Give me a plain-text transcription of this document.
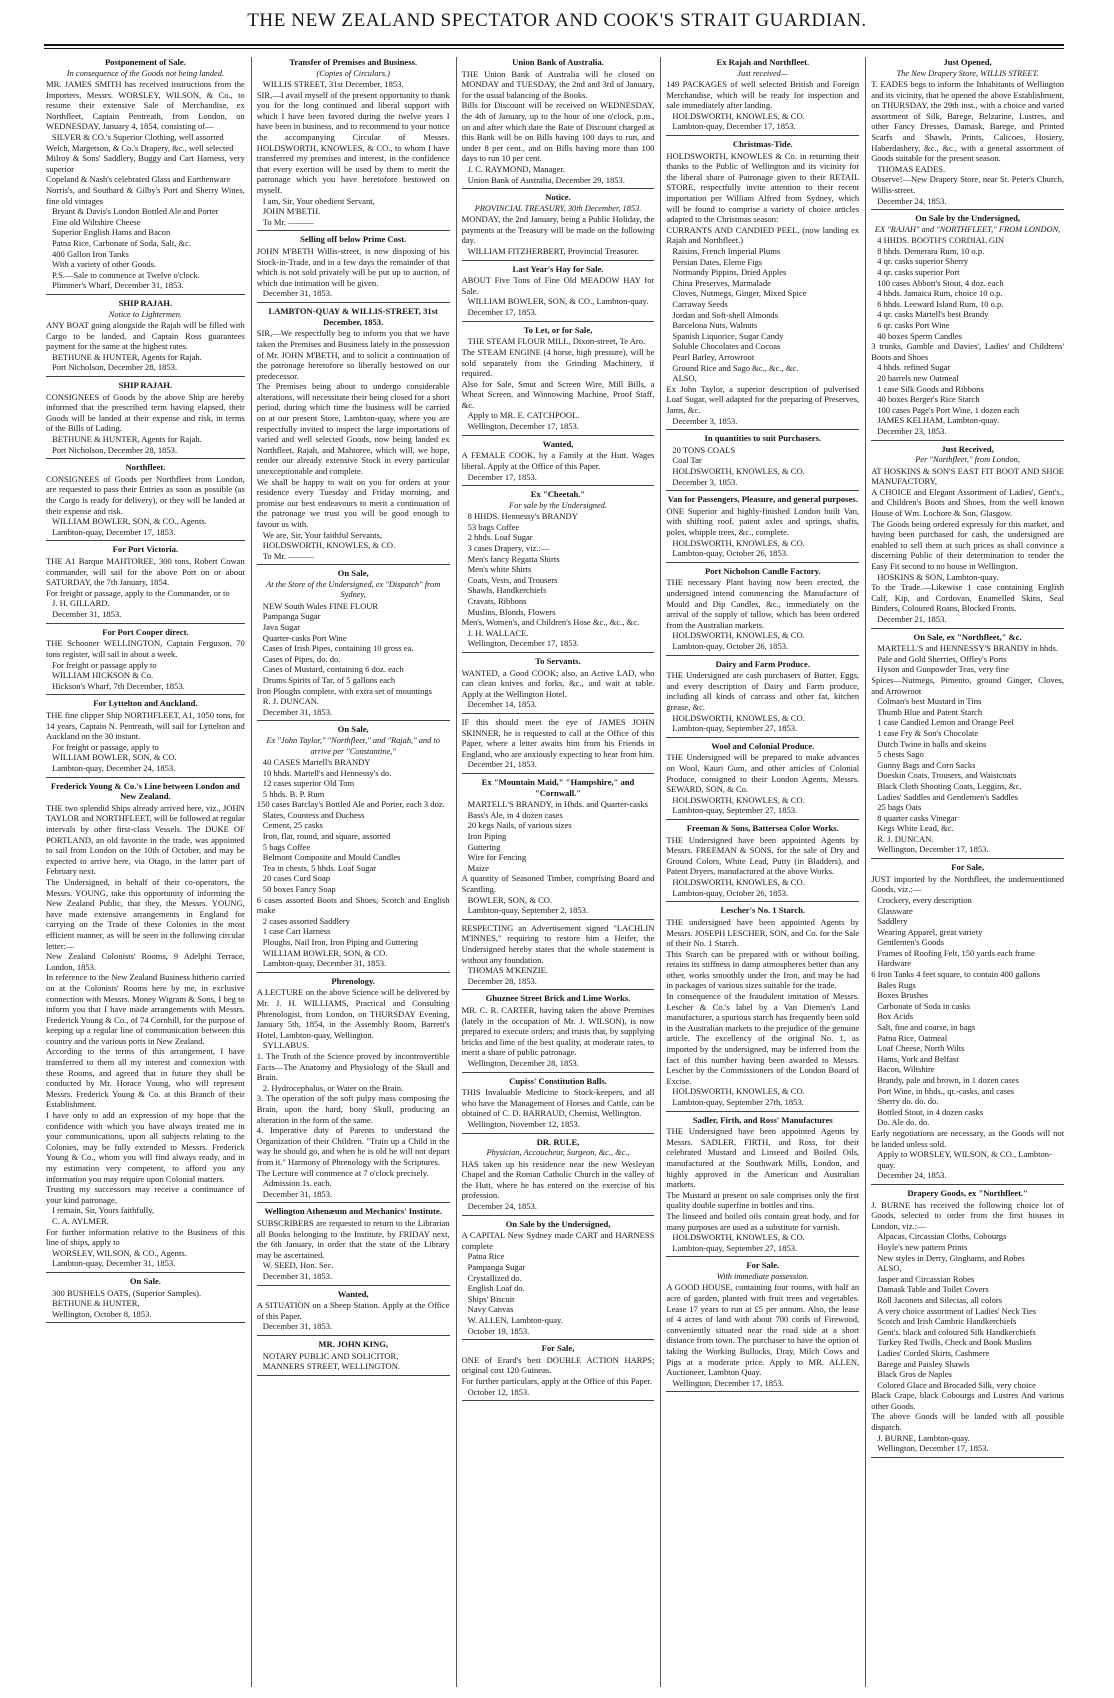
THE NEW ZEALAND SPECTATOR AND COOK'S STRAIT GUARDIAN.
Postponement of Sale.
In consequence of the Goods not being landed.

MR. JAMES SMITH has received instructions from the Importers, Messrs. WORSLEY, WILSON, & Co., to resume their extensive Sale of Merchandise, ex Northfleet, Captain Pentreath, from London, on WEDNESDAY, January 4, 1854, consisting of—

SILVER & CO.'s Superior Clothing, well assorted

Welch, Margetson, & Co.'s Drapery, &c., well selected

Milroy & Sons' Saddlery, Buggy and Cart Harness, very superior

Copeland & Nash's celebrated Glass and Earthenware

Norris's, and Southard & Gilby's Port and Sherry Wines, fine old vintages

Bryant & Davis's London Bottled Ale and Porter

Fine old Wiltshire Cheese

Superior English Hams and Bacon

Patna Rice, Carbonate of Soda, Salt, &c.

400 Gallon Iron Tanks

With a variety of other Goods.

P.S.—Sale to commence at Twelve o'clock.

Plimmer's Wharf, December 31, 1853.

SHIP RAJAH.
Notice to Lightermen.

ANY BOAT going alongside the Rajah will be filled with Cargo to be landed, and Captain Ross guarantees payment for the same at the highest rates.

BETHUNE & HUNTER, Agents for Rajah.

Port Nicholson, December 28, 1853.

SHIP RAJAH.

CONSIGNEES of Goods by the above Ship are hereby informed that the prescribed term having elapsed, their Goods will be landed at their expense and risk, in terms of the Bills of Lading.

BETHUNE & HUNTER, Agents for Rajah.

Port Nicholson, December 28, 1853.

Northfleet.

CONSIGNEES of Goods per Northfleet from London, are requested to pass their Entries as soon as possible (as the Cargo is ready for delivery), or they will be landed at their expense and risk.

WILLIAM BOWLER, SON, & CO., Agents.

Lambton-quay, December 17, 1853.

For Port Victoria.

THE A1 Barque MAHTOREE, 300 tons, Robert Cowan commander, will sail for the above Port on or about SATURDAY, the 7th January, 1854.

For freight or passage, apply to the Commander, or to

J. H. GILLARD.

December 31, 1853.

For Port Cooper direct.

THE Schooner WELLINGTON, Captain Ferguson, 70 tons register, will sail in about a week.

For freight or passage apply to

WILLIAM HICKSON & Co.

Hickson's Wharf, 7th December, 1853.

For Lyttelton and Auckland.

THE fine clipper Ship NORTHFLEET, A1, 1050 tons, for 14 years, Captain N. Pentreath, will sail for Lyttelton and Auckland on the 30 instant.

For freight or passage, apply to

WILLIAM BOWLER, SON, & CO.

Lambton-quay, December 24, 1853.

Frederick Young & Co.'s Line between London and New Zealand.

THE two splendid Ships already arrived here, viz., JOHN TAYLOR and NORTHFLEET, will be followed at regular intervals by other first-class Vessels. The DUKE OF PORTLAND, an old favorite in the trade, was appointed to sail from London on the 10th of October, and may be expected to arrive here, via Otago, in the latter part of February next.

The Undersigned, in behalf of their co-operators, the Messrs. YOUNG, take this opportunity of informing the New Zealand Public, that they, the Messrs. YOUNG, have made extensive arrangements in England for carrying on the Trade of these Colonies in the most efficient manner, as will be seen in the following circular letter:—

New Zealand Colonists' Rooms, 9 Adelphi Terrace, London, 1853.

In reference to the New Zealand Business hitherto carried on at the Colonists' Rooms here by me, in exclusive connection with Messrs. Money Wigram & Sons, I beg to inform you that I have made arrangements with Messrs. Frederick Young & Co., of 74 Cornhill, for the purpose of keeping up a regular line of communication between this country and the various ports in New Zealand.

According to the terms of this arrangement, I have transferred to them all my interest and connexion with these Rooms, and agreed that in future they shall be conducted by Mr. Horace Young, who will represent Messrs. Frederick Young & Co. at this Branch of their Establishment.

I have only to add an expression of my hope that the confidence with which you have always treated me in your communications, upon all subjects relating to the Colonies, may be fully extended to Messrs. Frederick Young & Co., whom you will find always ready, and in my estimation very competent, to afford you any information you may require upon Colonial matters.

Trusting my successors may receive a continuance of your kind patronage,

I remain, Sir, Yours faithfully,

C. A. AYLMER.

For further information relative to the Business of this line of ships, apply to

WORSLEY, WILSON, & CO., Agents.

Lambton-quay, December 31, 1853.

On Sale.

300 BUSHELS OATS, (Superior Samples).

BETHUNE & HUNTER,

Wellington, October 8, 1853.

Transfer of Premises and Business.
(Copies of Circulars.)

WILLIS STREET, 31st December, 1853.

SIR,—I avail myself of the present opportunity to thank you for the long continued and liberal support with which I have been favored during the twelve years I have been in business, and to recommend to your notice the accompanying Circular of Messrs. HOLDSWORTH, KNOWLES, & CO., to whom I have transferred my premises and interest, in the confidence that every exertion will be used by them to merit the patronage which you have heretofore bestowed on myself.

I am, Sir, Your obedient Servant,

JOHN M'BETH.

To Mr. ———

Selling off below Prime Cost.

JOHN M'BETH Willis-street, is now disposing of his Stock-in-Trade, and in a few days the remainder of that which is not sold privately will be put up to auction, of which due intimation will be given.

December 31, 1853.

LAMBTON-QUAY & WILLIS-STREET, 31st December, 1853.

SIR,—We respectfully beg to inform you that we have taken the Premises and Business lately in the possession of Mr. JOHN M'BETH, and to solicit a continuation of the patronage heretofore so liberally bestowed on our predecessor.

The Premises being about to undergo considerable alterations, will necessitate their being closed for a short period, during which time the business will be carried on at our present Store, Lambton-quay, where you are respectfully invited to inspect the large importations of varied and well selected Goods, now being landed ex Northfleet, Rajah, and Mahtoree, which will, we hope, render our already extensive Stock in every particular unexceptionable and complete.

We shall be happy to wait on you for orders at your residence every Tuesday and Friday morning, and promise our best endeavours to merit a continuation of the patronage we trust you will be good enough to favour us with.

We are, Sir, Your faithful Servants,

HOLDSWORTH, KNOWLES, & CO.

To Mr. ———

On Sale,
At the Store of the Undersigned, ex "Dispatch" from Sydney,

NEW South Wales FINE FLOUR

Pampanga Sugar

Java Sugar

Quarter-casks Port Wine

Cases of Irish Pipes, containing 10 gross ea.

Cases of Pipes, do. do.

Cases of Mustard, containing 6 doz. each

Drums Spirits of Tar, of 5 gallons each

Iron Ploughs complete, with extra set of mountings

R. J. DUNCAN.

December 31, 1853.

On Sale,
Ex "John Taylor," "Northfleet," and "Rajah," and to arrive per "Constantine,"

40 CASES Martell's BRANDY

10 hhds. Martell's and Hennessy's do.

12 cases superior Old Tom

5 hhds. B. P. Rum

150 cases Barclay's Bottled Ale and Porter, each 3 doz.

Slates, Countess and Duchess

Cement, 25 casks

Iron, flat, round, and square, assorted

5 bags Coffee

Belmont Composite and Mould Candles

Tea in chests, 5 hhds. Loaf Sugar

20 cases Curd Soap

50 boxes Fancy Soap

6 cases assorted Boots and Shoes, Scotch and English make

2 cases assorted Saddlery

1 case Cart Harness

Ploughs, Nail Iron, Iron Piping and Guttering

WILLIAM BOWLER, SON, & CO.

Lambton-quay, December 31, 1853.

Phrenology.

A LECTURE on the above Science will be delivered by Mr. J. H. WILLIAMS, Practical and Consulting Phrenologist, from London, on THURSDAY Evening, January 5th, 1854, in the Assembly Room, Barrett's Hotel, Lambton-quay, Wellington.

SYLLABUS.

1. The Truth of the Science proved by incontrovertible Facts—The Anatomy and Physiology of the Skull and Brain.

2. Hydrocephalus, or Water on the Brain.

3. The operation of the soft pulpy mass composing the Brain, upon the hard, bony Skull, producing an alteration in the form of the same.

4. Imperative duty of Parents to understand the Organization of their Children. "Train up a Child in the way he should go, and when he is old he will not depart from it." Harmony of Phrenology with the Scriptures.

The Lecture will commence at 7 o'clock precisely.

Admission 1s. each.

December 31, 1853.

Wellington Athenæum and Mechanics' Institute.

SUBSCRIBERS are requested to return to the Librarian all Books belonging to the Institute, by FRIDAY next, the 6th January, in order that the state of the Library may be ascertained.

W. SEED, Hon. Sec.

December 31, 1853.

Wanted,

A SITUATION on a Sheep Station. Apply at the Office of this Paper.

December 31, 1853.

MR. JOHN KING,

NOTARY PUBLIC AND SOLICITOR,

MANNERS STREET, WELLINGTON.

Union Bank of Australia.

THE Union Bank of Australia will be closed on MONDAY and TUESDAY, the 2nd and 3rd of January, for the usual balancing of the Books.

Bills for Discount will be received on WEDNESDAY, the 4th of January, up to the hour of one o'clock, p.m., on and after which date the Rate of Discount charged at this Bank will be on Bills having 100 days to run, and under 8 per cent., and on Bills having more than 100 days to run 10 per cent.

J. C. RAYMOND, Manager.

Union Bank of Australia, December 29, 1853.

Notice.
PROVINCIAL TREASURY, 30th December, 1853.

MONDAY, the 2nd January, being a Public Holiday, the payments at the Treasury will be made on the following day.

WILLIAM FITZHERBERT, Provincial Treasurer.

Last Year's Hay for Sale.

ABOUT Five Tons of Fine Old MEADOW HAY for Sale.

WILLIAM BOWLER, SON, & CO., Lambton-quay.

December 17, 1853.

To Let, or for Sale,

THE STEAM FLOUR MILL, Dixon-street, Te Aro.

The STEAM ENGINE (4 horse, high pressure), will be sold separately from the Grinding Machinery, if required.

Also for Sale, Smut and Screen Wire, Mill Bills, a Wheat Screen, and Winnowing Machine, Proof Staff, &c.

Apply to MR. E. CATCHPOOL.

Wellington, December 17, 1853.

Wanted,

A FEMALE COOK, by a Family at the Hutt. Wages liberal. Apply at the Office of this Paper.

December 17, 1853.

Ex "Cheetah."
For sale by the Undersigned.

8 HHDS. Hennessy's BRANDY

53 bags Coffee

2 hhds. Loaf Sugar

3 cases Drapery, viz.:—

Men's fancy Regatta Shirts

Men's white Shirts

Coats, Vests, and Trousers

Shawls, Handkerchiefs

Cravats, Ribbons

Muslins, Blonds, Flowers

Men's, Women's, and Children's Hose &c., &c., &c.

J. H. WALLACE.

Wellington, December 17, 1853.

To Servants.

WANTED, a Good COOK; also, an Active LAD, who can clean knives and forks, &c., and wait at table. Apply at the Wellington Hotel.

December 14, 1853.

IF this should meet the eye of JAMES JOHN SKINNER, he is requested to call at the Office of this Paper, where a letter awaits him from his Friends in England, who are anxiously expecting to hear from him.

December 21, 1853.

Ex "Mountain Maid," "Hampshire," and "Cornwall."

MARTELL'S BRANDY, in Hhds. and Quarter-casks

Bass's Ale, in 4 dozen cases

20 kegs Nails, of various sizes

Iron Piping

Guttering

Wire for Fencing

Maize

A quantity of Seasoned Timber, comprising Board and Scantling.

BOWLER, SON, & CO.

Lambton-quay, September 2, 1853.

RESPECTING an Advertisement signed "LACHLIN M'INNES," requiring to restore him a Heifer, the Undersigned hereby states that the whole statement is without any foundation.

THOMAS M'KENZIE.

December 28, 1853.

Ghuznee Street Brick and Lime Works.

MR. C. R. CARTER, having taken the above Premises (lately in the occupation of Mr. J. WILSON), is now prepared to execute orders; and trusts that, by supplying bricks and lime of the best quality, at moderate rates, to merit a share of public patronage.

Wellington, December 28, 1853.

Cupiss' Constitution Balls.

THIS Invaluable Medicine to Stock-keepers, and all who have the Management of Horses and Cattle, can be obtained of C. D. BARRAUD, Chemist, Wellington.

Wellington, November 12, 1853.

DR. RULE,
Physician, Accoucheur, Surgeon, &c., &c.,

HAS taken up his residence near the new Wesleyan Chapel and the Roman Catholic Church in the valley of the Hutt, where he has entered on the exercise of his profession.

December 24, 1853.

On Sale by the Undersigned,

A CAPITAL New Sydney made CART and HARNESS complete

Patna Rice

Pampanga Sugar

Crystallized do.

English Loaf do.

Ships' Biscuit

Navy Canvas

W. ALLEN, Lambton-quay.

October 19, 1853.

For Sale,

ONE of Erard's best DOUBLE ACTION HARPS; original cost 120 Guineas.

For further particulars, apply at the Office of this Paper.

October 12, 1853.

Ex Rajah and Northfleet.
Just received—

149 PACKAGES of well selected British and Foreign Merchandise, which will be ready for inspection and sale immediately after landing.

HOLDSWORTH, KNOWLES, & CO.

Lambton-quay, December 17, 1853.

Christmas-Tide.

HOLDSWORTH, KNOWLES & Co. in returning their thanks to the Public of Wellington and its vicinity for the liberal share of Patronage given to their RETAIL STORE, respectfully invite attention to their recent importation per William Alfred from Sydney, which will be found to comprise a variety of choice articles adapted to the Christmas season:

CURRANTS AND CANDIED PEEL, (now landing ex Rajah and Northfleet.)

Raisins, French Imperial Plums

Persian Dates, Eleme Figs

Normandy Pippins, Dried Apples

China Preserves, Marmalade

Cloves, Nutmegs, Ginger, Mixed Spice

Carraway Seeds

Jordan and Soft-shell Almonds

Barcelona Nuts, Walnuts

Spanish Liquorice, Sugar Candy

Soluble Chocolates and Cocoas

Pearl Barley, Arrowroot

Ground Rice and Sago &c., &c., &c.

ALSO,

Ex John Taylor, a superior description of pulverised Loaf Sugar, well adapted for the preparing of Preserves, Jams, &c.

December 3, 1853.

In quantities to suit Purchasers.

20 TONS COALS

Coal Tar

HOLDSWORTH, KNOWLES, & CO.

December 3, 1853.

Van for Passengers, Pleasure, and general purposes.

ONE Superior and highly-finished London built Van, with shifting roof, patent axles and springs, shafts, poles, whipple trees, &c., complete.

HOLDSWORTH, KNOWLES, & CO.

Lambton-quay, October 26, 1853.

Port Nicholson Candle Factory.

THE necessary Plant having now been erected, the undersigned intend commencing the Manufacture of Mould and Dip Candles, &c., immediately on the arrival of the supply of tallow, which has been ordered from the Australian markets.

HOLDSWORTH, KNOWLES, & CO.

Lambton-quay, October 26, 1853.

Dairy and Farm Produce.

THE Undersigned are cash purchasers of Butter, Eggs, and every description of Dairy and Farm produce, including all kinds of carcass and other fat, kitchen grease, &c.

HOLDSWORTH, KNOWLES, & CO.

Lambton-quay, September 27, 1853.

Wool and Colonial Produce.

THE Undersigned will be prepared to make advances on Wool, Kauri Gum, and other articles of Colonial Produce, consigned to their London Agents, Messrs. SEWARD, SON, & Co.

HOLDSWORTH, KNOWLES, & CO.

Lambton-quay, September 27, 1853.

Freeman & Sons, Battersea Color Works.

THE Undersigned have been appointed Agents by Messrs. FREEMAN & SONS, for the sale of Dry and Ground Colors, White Lead, Putty (in Bladders), and Patent Dryers, manufactured at the above Works.

HOLDSWORTH, KNOWLES, & CO.

Lambton-quay, October 26, 1853.

Lescher's No. 1 Starch.

THE undersigned have been appointed Agents by Messrs. JOSEPH LESCHER, SON, and Co. for the Sale of their No. 1 Starch.

This Starch can be prepared with or without boiling, retains its stiffness in damp atmospheres better than any other, works smoothly under the Iron, and may be had in packages of various sizes suitable for the trade.

In consequence of the fraudulent imitation of Messrs. Lescher & Co.'s label by a Van Diemen's Land manufacturer, a spurious starch has frequently been sold in the Australian markets to the prejudice of the genuine article. The excellency of the original No. 1, as imported by the undersigned, may be inferred from the fact of this number having been awarded to Messrs. Lescher by the Commissioners of the London Board of Excise.

HOLDSWORTH, KNOWLES, & CO.

Lambton-quay, September 27th, 1853.

Sadler, Firth, and Ross' Manufactures

THE Undersigned have been appointed Agents by Messrs. SADLER, FIRTH, and Ross, for their celebrated Mustard and Linseed and Boiled Oils, manufactured at the Southwark Mills, London, and highly approved in the American and Australian markets.

The Mustard at present on sale comprises only the first quality double superfine in bottles and tins.

The linseed and boiled oils contain great body, and for many purposes are used as a substitute for varnish.

HOLDSWORTH, KNOWLES, & CO.

Lambton-quay, September 27, 1853.

For Sale.
With immediate possession.

A GOOD HOUSE, containing four rooms, with half an acre of garden, planted with fruit trees and vegetables. Lease 17 years to run at £5 per annum. Also, the lease of 4 acres of land with about 700 cords of Firewood, conveniently situated near the road side at a short distance from town. The purchaser to have the option of taking the Working Bullocks, Dray, Milch Cows and Pigs at a moderate price. Apply to MR. ALLEN, Auctioneer, Lambton Quay.

Wellington, December 17, 1853.

Just Opened,
The New Drapery Store, WILLIS STREET.

T. EADES begs to inform the Inhabitants of Wellington and its vicinity, that he opened the above Establishment, on THURSDAY, the 29th inst., with a choice and varied assortment of Silk, Barege, Belzarine, Lustres, and other Fancy Dresses, Damask, Barege, and Printed Scarfs and Shawls, Prints, Calicoes, Hosiery, Haberdashery, &c., &c., with a general assortment of Goods suitable for the present season.

THOMAS EADES.

Observe!—New Drapery Store, near St. Peter's Church, Willis-street.

December 24, 1853.

On Sale by the Undersigned,
EX "RAJAH" and "NORTHFLEET," FROM LONDON,

4 HHDS. BOOTH'S CORDIAL GIN

8 hhds. Demerara Rum, 10 o.p.

4 qr. casks superior Sherry

4 qr. casks superior Port

100 cases Abbott's Stout, 4 doz. each

4 hhds. Jamaica Rum, choice 10 o.p.

6 hhds. Leeward Island Rum, 10 o.p.

4 qr. casks Martell's best Brandy

6 qr. casks Port Wine

40 boxes Sperm Candles

3 trunks, Gamble and Davies', Ladies' and Childrens' Boots and Shoes

4 hhds. refined Sugar

20 barrels new Oatmeal

1 case Silk Goods and Ribbons

40 boxes Berger's Rice Starch

100 cases Page's Port Wine, 1 dozen each

JAMES KELHAM, Lambton-quay.

December 23, 1853.

Just Received,
Per "Northfleet," from London,

AT HOSKINS & SON'S EAST FIT BOOT AND SHOE MANUFACTORY,

A CHOICE and Elegant Assortment of Ladies', Gent's., and Children's Boots and Shoes, from the well known House of Wm. Lochore & Son, Glasgow.

The Goods being ordered expressly for this market, and having been purchased for cash, the undersigned are enabled to sell them at such prices as shall convince a discerning Public of their determination to render the Easy Fit second to no house in Wellington.

HOSKINS & SON, Lambton-quay.

To the Trade.—Likewise 1 case containing English Calf, Kip, and Cordovan, Enamelled Skins, Seal Binders, Coloured Roans, Blocked Fronts.

December 21, 1853.

On Sale, ex "Northfleet," &c.

MARTELL'S and HENNESSY'S BRANDY in hhds.

Pale and Gold Sherries, Offley's Ports

Hyson and Gunpowder Teas, very fine

Spices—Nutmegs, Pimento, ground Ginger, Cloves, and Arrowroot

Colman's best Mustard in Tins

Thumb Blue and Patent Starch

1 case Candied Lemon and Orange Peel

1 case Fry & Son's Chocolate

Dutch Twine in balls and skeins

5 chests Sago

Gunny Bags and Corn Sacks

Doeskin Coats, Trousers, and Waistcoats

Black Cloth Shooting Coats, Leggins, &c.

Ladies' Saddles and Gentlemen's Saddles

25 bags Oats

8 quarter casks Vinegar

Kegs White Lead, &c.

R. J. DUNCAN.

Wellington, December 17, 1853.

For Sale,

JUST imported by the Northfleet, the undermentioned Goods, viz.:—

Crockery, every description

Glassware

Saddlery

Wearing Apparel, great variety

Gentlemen's Goods

Frames of Roofing Felt, 150 yards each frame

Hardware

6 Iron Tanks 4 feet square, to contain 400 gallons

Bales Rugs

Boxes Brushes

Carbonate of Soda in casks

Box Acids

Salt, fine and coarse, in bags

Patna Rice, Oatmeal

Loaf Cheese, North Wilts

Hams, York and Belfast

Bacon, Wiltshire

Brandy, pale and brown, in 1 dozen cases

Port Wine, in hhds., qr.-casks, and cases

Sherry do. do. do.

Bottled Stout, in 4 dozen casks

Do. Ale do. do.

Early negotiations are necessary, as the Goods will not be landed unless sold.

Apply to WORSLEY, WILSON, & CO., Lambton-quay.

December 24, 1853.

Drapery Goods, ex "Northfleet."

J. BURNE has received the following choice lot of Goods, selected to order from the first houses in London, viz.:—

Alpacas, Circassian Cloths, Cobourgs

Hoyle's new pattern Prints

New styles in Derry, Ginghams, and Robes

ALSO,

Jasper and Circassian Robes

Damask Table and Toilet Covers

Roll Jaconets and Silecias, all colors

A very choice assortment of Ladies' Neck Ties

Scotch and Irish Cambric Handkerchiefs

Gent's. black and coloured Silk Handkerchiefs

Turkey Red Twills, Check and Book Muslins

Ladies' Corded Skirts, Cashmere

Barege and Paisley Shawls

Black Gros de Naples

Colored Glace and Brocaded Silk, very choice

Black Crape, black Cobourgs and Lustres And various other Goods.

The above Goods will be landed with all possible dispatch.

J. BURNE, Lambton-quay.

Wellington, December 17, 1853.
